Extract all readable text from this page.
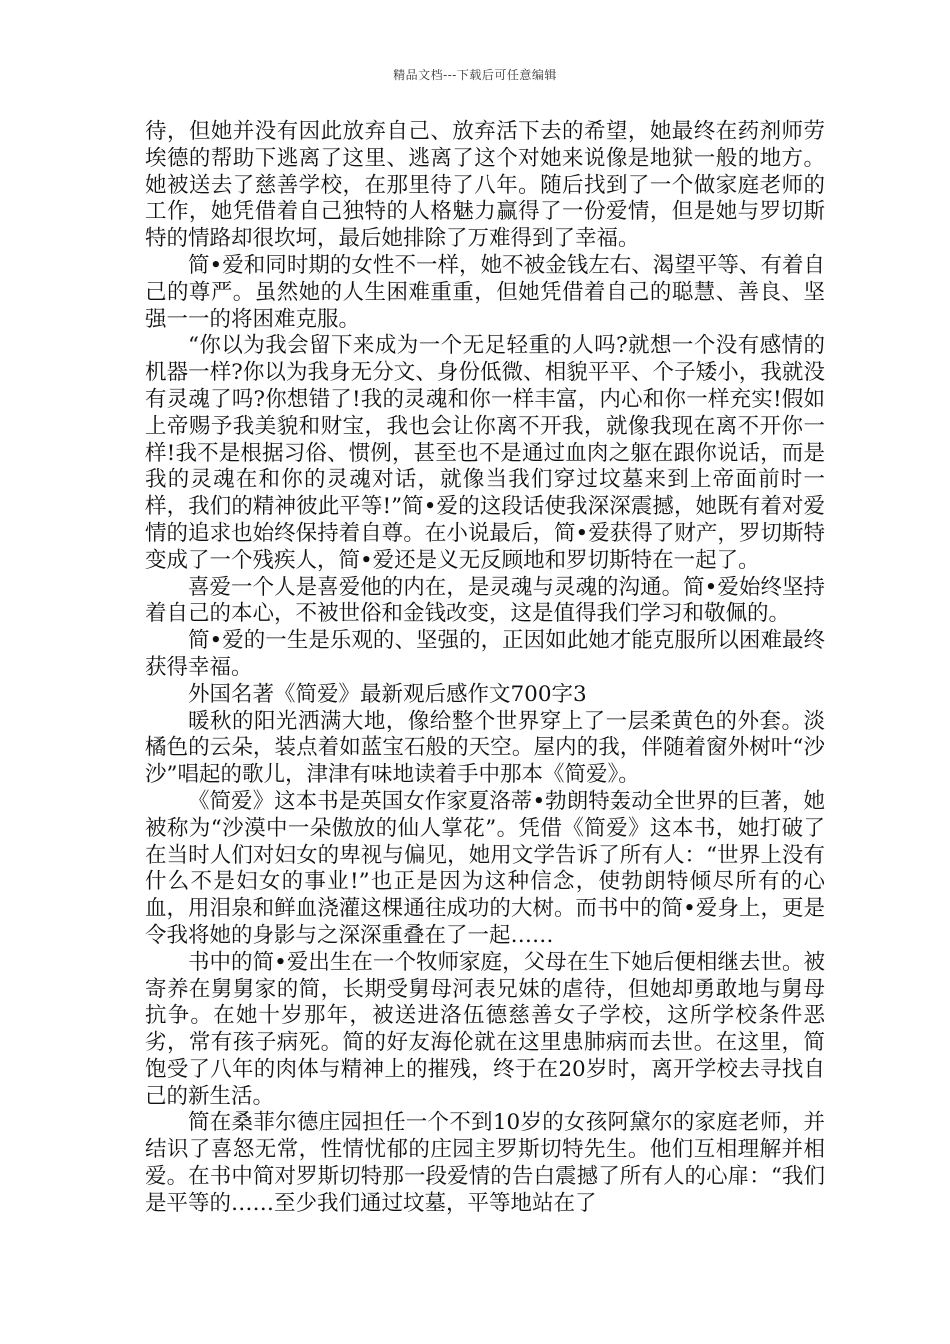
精品文档---下载后可任意编辑

待，但她并没有因此放弃自己、放弃活下去的希望，她最终在药剂师劳埃德的帮助下逃离了这里、逃离了这个对她来说像是地狱一般的地方。她被送去了慈善学校，在那里待了八年。随后找到了一个做家庭老师的工作，她凭借着自己独特的人格魅力赢得了一份爱情，但是她与罗切斯特的情路却很坎坷，最后她排除了万难得到了幸福。

简•爱和同时期的女性不一样，她不被金钱左右、渴望平等、有着自己的尊严。虽然她的人生困难重重，但她凭借着自己的聪慧、善良、坚强一一的将困难克服。

“你以为我会留下来成为一个无足轻重的人吗?就想一个没有感情的机器一样?你以为我身无分文、身份低微、相貌平平、个子矮小，我就没有灵魂了吗?你想错了!我的灵魂和你一样丰富，内心和你一样充实!假如上帝赐予我美貌和财宝，我也会让你离不开我，就像我现在离不开你一样!我不是根据习俗、惯例，甚至也不是通过血肉之躯在跟你说话，而是我的灵魂在和你的灵魂对话，就像当我们穿过坟墓来到上帝面前时一样，我们的精神彼此平等!”简•爱的这段话使我深深震撼，她既有着对爱情的追求也始终保持着自尊。在小说最后，简•爱获得了财产，罗切斯特变成了一个残疾人，简•爱还是义无反顾地和罗切斯特在一起了。

喜爱一个人是喜爱他的内在，是灵魂与灵魂的沟通。简•爱始终坚持着自己的本心，不被世俗和金钱改变，这是值得我们学习和敬佩的。

简•爱的一生是乐观的、坚强的，正因如此她才能克服所以困难最终获得幸福。

外国名著《简爱》最新观后感作文700字3

暖秋的阳光洒满大地，像给整个世界穿上了一层柔黄色的外套。淡橘色的云朵，装点着如蓝宝石般的天空。屋内的我，伴随着窗外树叶“沙沙”唱起的歌儿，津津有味地读着手中那本《简爱》。

《简爱》这本书是英国女作家夏洛蒂•勃朗特轰动全世界的巨著，她被称为“沙漠中一朵傲放的仙人掌花”。凭借《简爱》这本书，她打破了在当时人们对妇女的卑视与偏见，她用文学告诉了所有人：“世界上没有什么不是妇女的事业!”也正是因为这种信念，使勃朗特倾尽所有的心血，用泪泉和鲜血浇灌这棵通往成功的大树。而书中的简•爱身上，更是令我将她的身影与之深深重叠在了一起……

书中的简•爱出生在一个牧师家庭，父母在生下她后便相继去世。被寄养在舅舅家的简，长期受舅母河表兄妹的虐待，但她却勇敢地与舅母抗争。在她十岁那年，被送进洛伍德慈善女子学校，这所学校条件恶劣，常有孩子病死。简的好友海伦就在这里患肺病而去世。在这里，简饱受了八年的肉体与精神上的摧残，终于在20岁时，离开学校去寻找自己的新生活。

简在桑菲尔德庄园担任一个不到10岁的女孩阿黛尔的家庭老师，并结识了喜怒无常，性情忧郁的庄园主罗斯切特先生。他们互相理解并相爱。在书中简对罗斯切特那一段爱情的告白震撼了所有人的心扉：“我们是平等的……至少我们通过坟墓，平等地站在了
